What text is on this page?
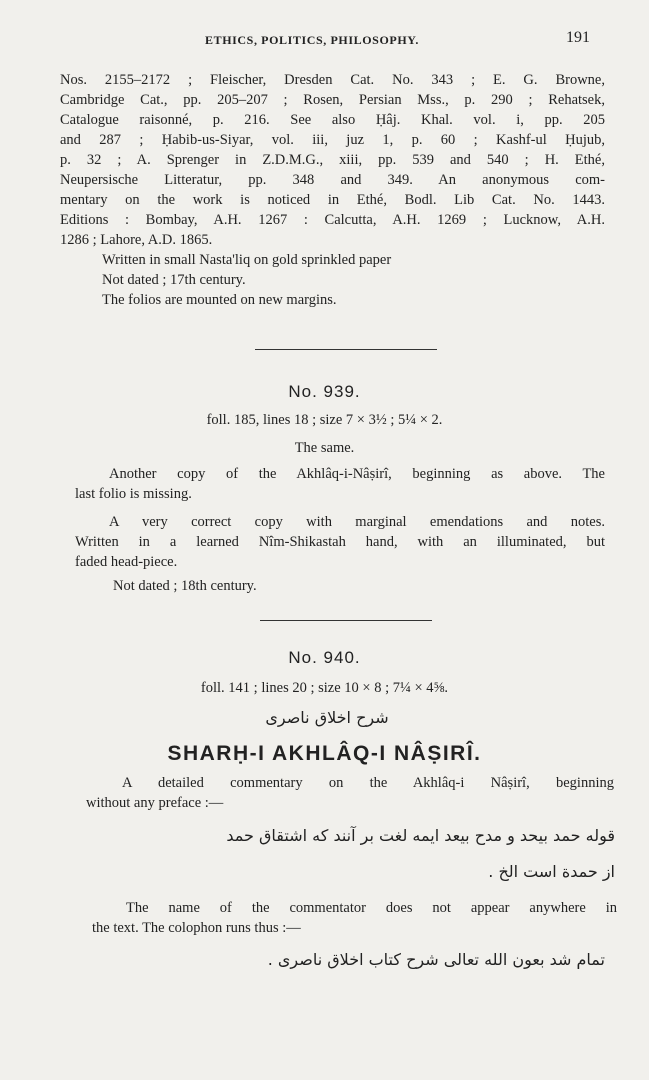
ETHICS, POLITICS, PHILOSOPHY.	191
Nos. 2155–2172 ; Fleischer, Dresden Cat. No. 343 ; E. G. Browne,
Cambridge Cat., pp. 205–207 ; Rosen, Persian Mss., p. 290 ; Rehatsek,
Catalogue raisonné, p. 216. See also Ḥâj. Khal. vol. i, pp. 205
and 287 ; Ḥabib-us-Siyar, vol. iii, juz 1, p. 60 ; Kashf-ul Ḥujub,
p. 32 ; A. Sprenger in Z.D.M.G., xiii, pp. 539 and 540 ; H. Ethé,
Neupersische Litteratur, pp. 348 and 349. An anonymous com-
mentary on the work is noticed in Ethé, Bodl. Lib Cat. No. 1443.
Editions : Bombay, A.H. 1267 : Calcutta, A.H. 1269 ; Lucknow, A.H.
1286 ; Lahore, A.D. 1865.
Written in small Nasta'liq on gold sprinkled paper
Not dated ; 17th century.
The folios are mounted on new margins.
No. 939.
foll. 185, lines 18 ; size 7 × 3½ ; 5¼ × 2.
The same.
Another copy of the Akhlâq-i-Nâṣirî, beginning as above. The
last folio is missing.
A very correct copy with marginal emendations and notes.
Written in a learned Nîm-Shikastah hand, with an illuminated, but
faded head-piece.
Not dated ; 18th century.
No. 940.
foll. 141 ; lines 20 ; size 10 × 8 ; 7¼ × 4⅝.
شرح اخلاق ناصری
SHARḤ-I AKHLÂQ-I NÂṢIRÎ.
A detailed commentary on the Akhlâq-i Nâṣirî, beginning
without any preface :—
قوله حمد بیحد و مدح بیعد ایمه لغت بر آنند که اشتقاق حمد
از حمدة است الخ .
The name of the commentator does not appear anywhere in
the text. The colophon runs thus :—
تمام شد بعون الله تعالی شرح کتاب اخلاق ناصری .
